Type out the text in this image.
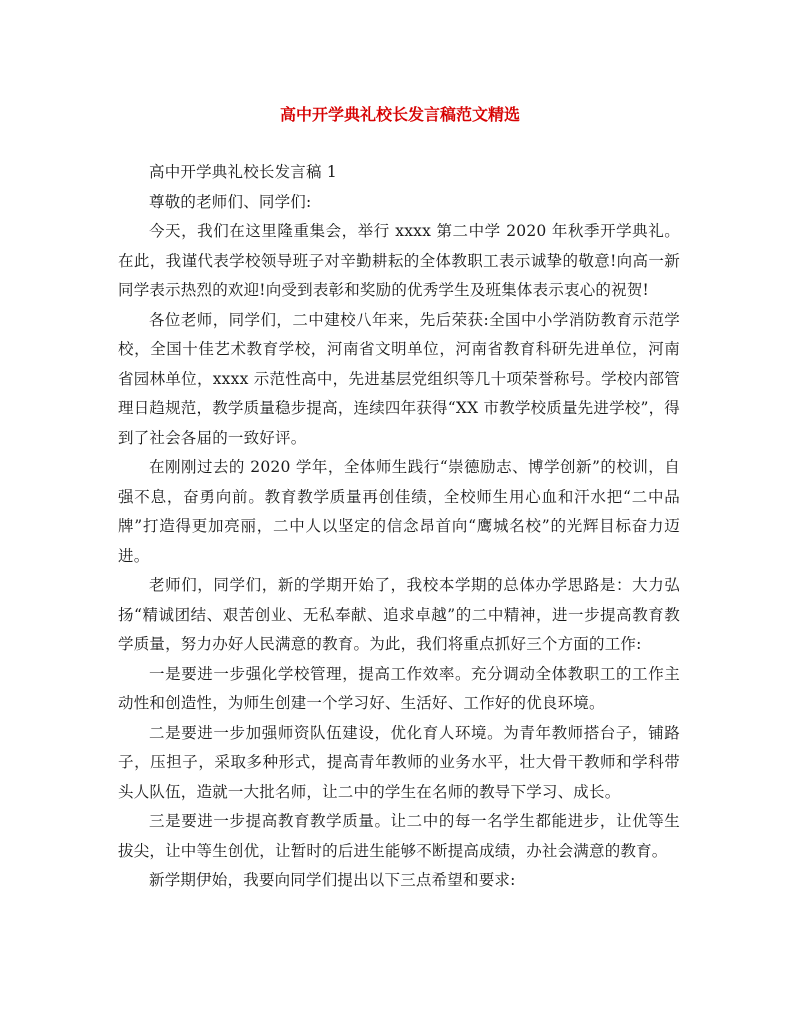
高中开学典礼校长发言稿范文精选

高中开学典礼校长发言稿 1

尊敬的老师们、同学们:

今天，我们在这里隆重集会，举行 xxxx 第二中学 2020 年秋季开学典礼。在此，我谨代表学校领导班子对辛勤耕耘的全体教职工表示诚挚的敬意!向高一新同学表示热烈的欢迎!向受到表彰和奖励的优秀学生及班集体表示衷心的祝贺!

各位老师，同学们，二中建校八年来，先后荣获:全国中小学消防教育示范学校，全国十佳艺术教育学校，河南省文明单位，河南省教育科研先进单位，河南省园林单位，xxxx 示范性高中，先进基层党组织等几十项荣誉称号。学校内部管理日趋规范，教学质量稳步提高，连续四年获得“XX 市教学校质量先进学校”，得到了社会各届的一致好评。

在刚刚过去的 2020 学年，全体师生践行“崇德励志、博学创新”的校训，自强不息，奋勇向前。教育教学质量再创佳绩，全校师生用心血和汗水把“二中品牌”打造得更加亮丽，二中人以坚定的信念昂首向“鹰城名校”的光辉目标奋力迈进。

老师们，同学们，新的学期开始了，我校本学期的总体办学思路是：大力弘扬“精诚团结、艰苦创业、无私奉献、追求卓越”的二中精神，进一步提高教育教学质量，努力办好人民满意的教育。为此，我们将重点抓好三个方面的工作:

一是要进一步强化学校管理，提高工作效率。充分调动全体教职工的工作主动性和创造性，为师生创建一个学习好、生活好、工作好的优良环境。

二是要进一步加强师资队伍建设，优化育人环境。为青年教师搭台子，铺路子，压担子，采取多种形式，提高青年教师的业务水平，壮大骨干教师和学科带头人队伍，造就一大批名师，让二中的学生在名师的教导下学习、成长。

三是要进一步提高教育教学质量。让二中的每一名学生都能进步，让优等生拔尖，让中等生创优，让暂时的后进生能够不断提高成绩，办社会满意的教育。

新学期伊始，我要向同学们提出以下三点希望和要求:
